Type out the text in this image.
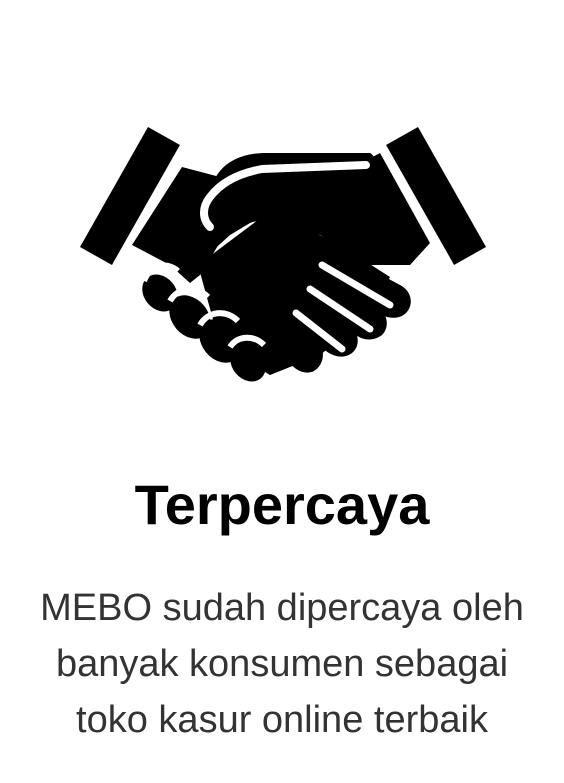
Terpercaya
MEBO sudah dipercaya oleh
banyak konsumen sebagai
toko kasur online terbaik
